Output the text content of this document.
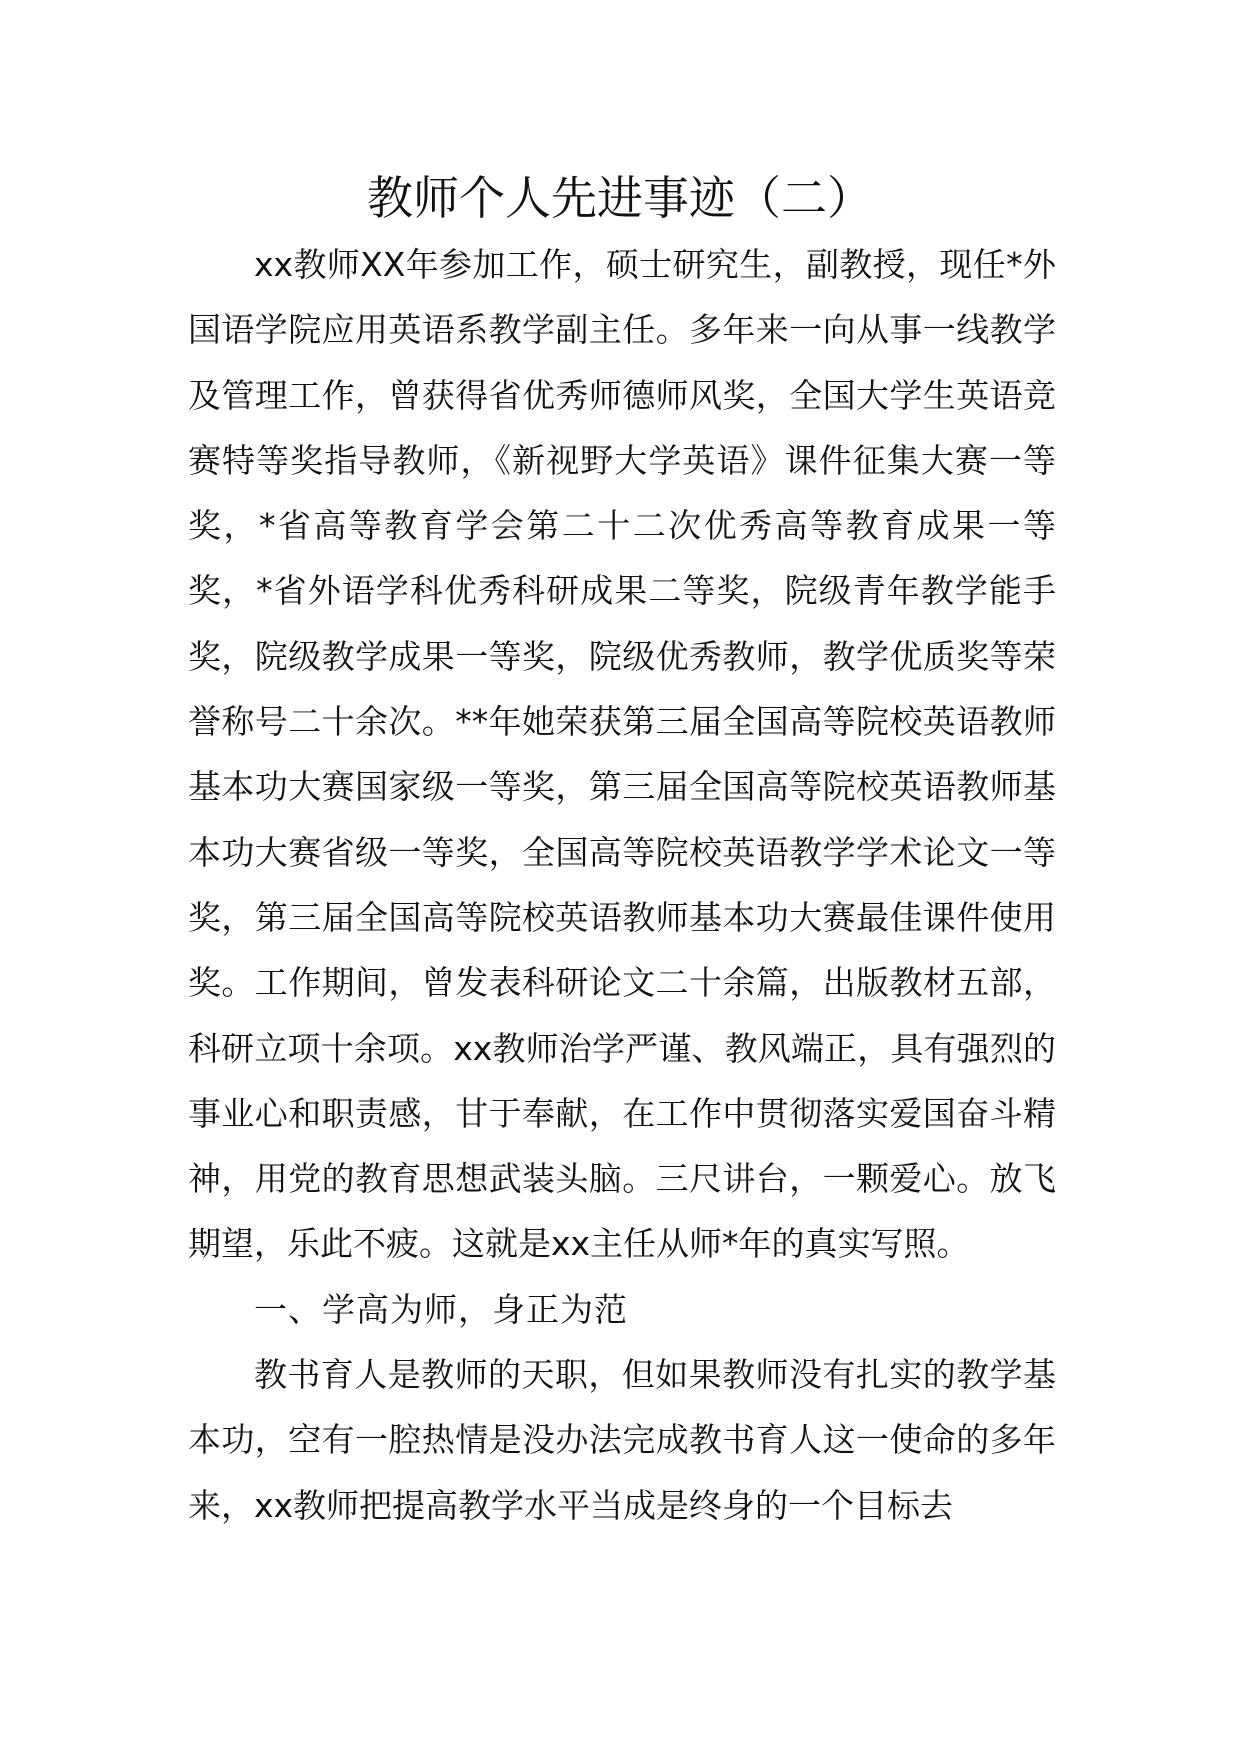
教师个人先进事迹（二）

xx教师XX年参加工作，硕士研究生，副教授，现任*外国语学院应用英语系教学副主任。多年来一向从事一线教学及管理工作，曾获得省优秀师德师风奖，全国大学生英语竞赛特等奖指导教师，《新视野大学英语》课件征集大赛一等奖，*省高等教育学会第二十二次优秀高等教育成果一等奖，*省外语学科优秀科研成果二等奖，院级青年教学能手奖，院级教学成果一等奖，院级优秀教师，教学优质奖等荣誉称号二十余次。**年她荣获第三届全国高等院校英语教师基本功大赛国家级一等奖，第三届全国高等院校英语教师基本功大赛省级一等奖，全国高等院校英语教学学术论文一等奖，第三届全国高等院校英语教师基本功大赛最佳课件使用奖。工作期间，曾发表科研论文二十余篇，出版教材五部，科研立项十余项。xx教师治学严谨、教风端正，具有强烈的事业心和职责感，甘于奉献，在工作中贯彻落实爱国奋斗精神，用党的教育思想武装头脑。三尺讲台，一颗爱心。放飞期望，乐此不疲。这就是xx主任从师*年的真实写照。

一、学高为师，身正为范

教书育人是教师的天职，但如果教师没有扎实的教学基本功，空有一腔热情是没办法完成教书育人这一使命的多年来，xx教师把提高教学水平当成是终身的一个目标去
